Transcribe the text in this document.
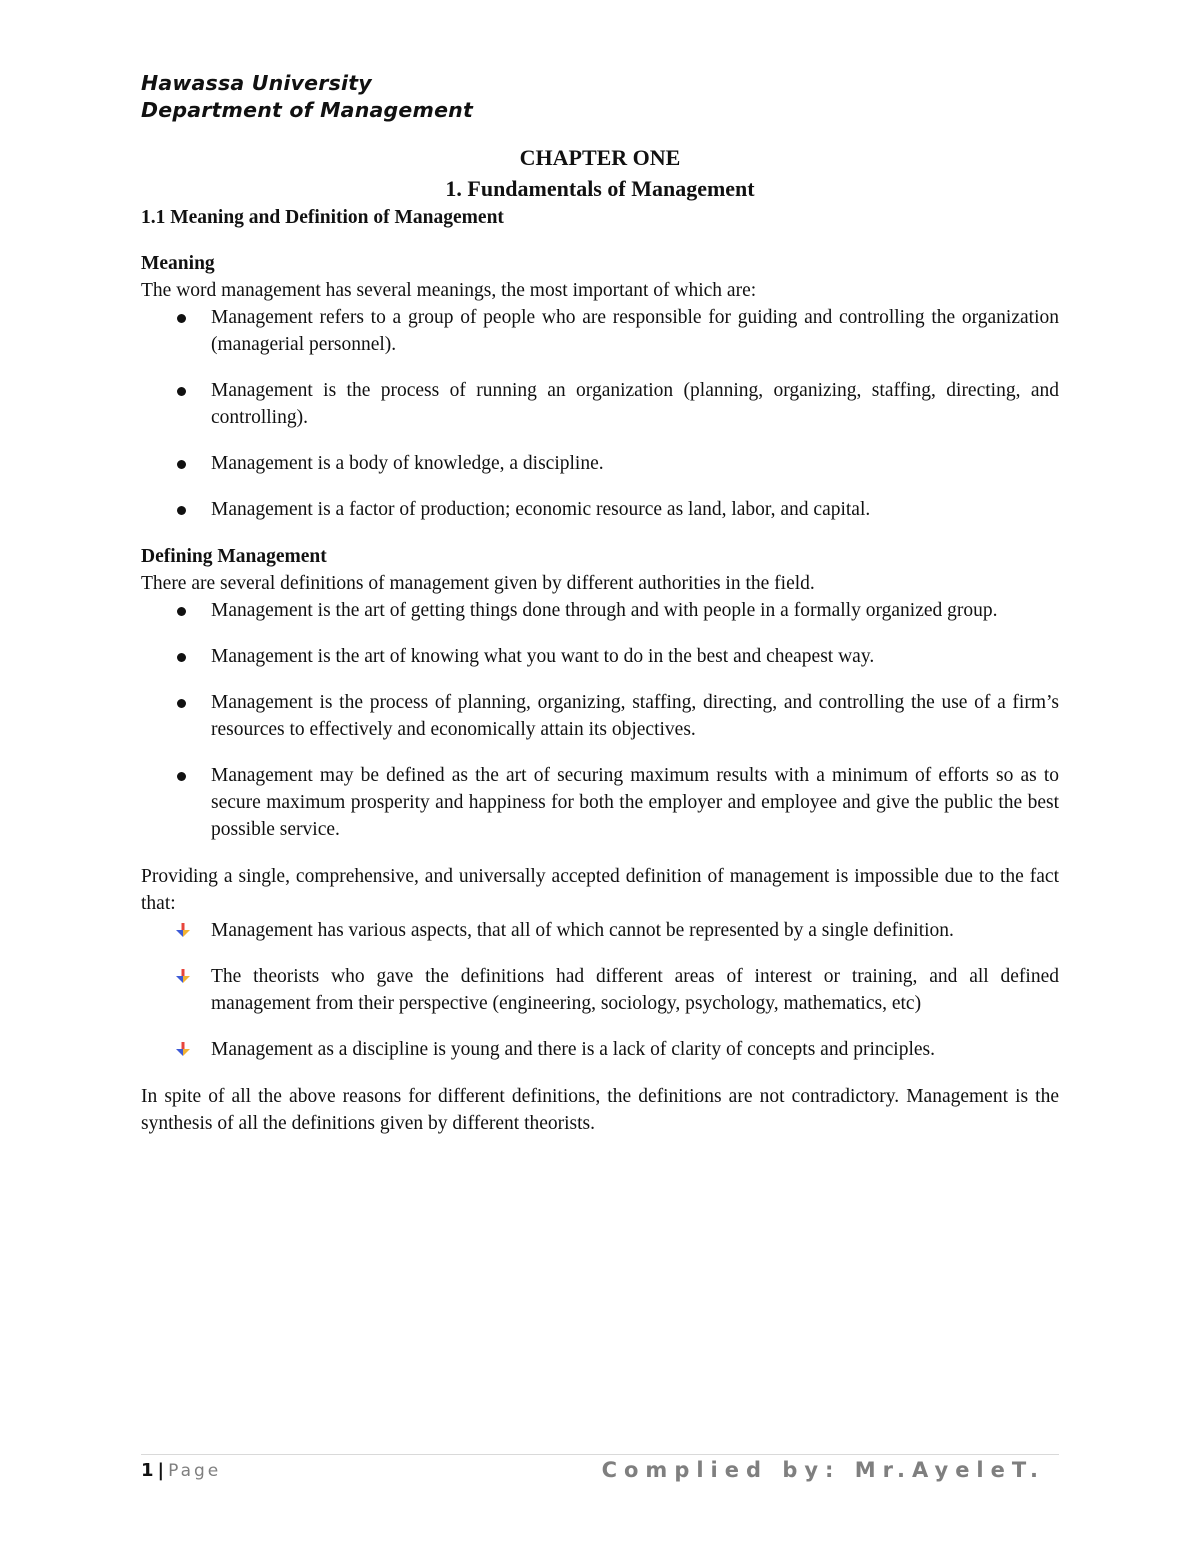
Hawassa University
Department of Management
CHAPTER ONE
1. Fundamentals of Management
1.1 Meaning and Definition of Management
Meaning
The word management has several meanings, the most important of which are:
Management refers to a group of people who are responsible for guiding and controlling the organization (managerial personnel).
Management is the process of running an organization (planning, organizing, staffing, directing, and controlling).
Management is a body of knowledge, a discipline.
Management is a factor of production; economic resource as land, labor, and capital.
Defining Management
There are several definitions of management given by different authorities in the field.
Management is the art of getting things done through and with people in a formally organized group.
Management is the art of knowing what you want to do in the best and cheapest way.
Management is the process of planning, organizing, staffing, directing, and controlling the use of a firm’s resources to effectively and economically attain its objectives.
Management may be defined as the art of securing maximum results with a minimum of efforts so as to secure maximum prosperity and happiness for both the employer and employee and give the public the best possible service.
Providing a single, comprehensive, and universally accepted definition of management is impossible due to the fact that:
Management has various aspects, that all of which cannot be represented by a single definition.
The theorists who gave the definitions had different areas of interest or training, and all defined management from their perspective (engineering, sociology, psychology, mathematics, etc)
Management as a discipline is young and there is a lack of clarity of concepts and principles.
In spite of all the above reasons for different definitions, the definitions are not contradictory. Management is the synthesis of all the definitions given by different theorists.
1 | Page	Complied by: Mr.AyeleT.
